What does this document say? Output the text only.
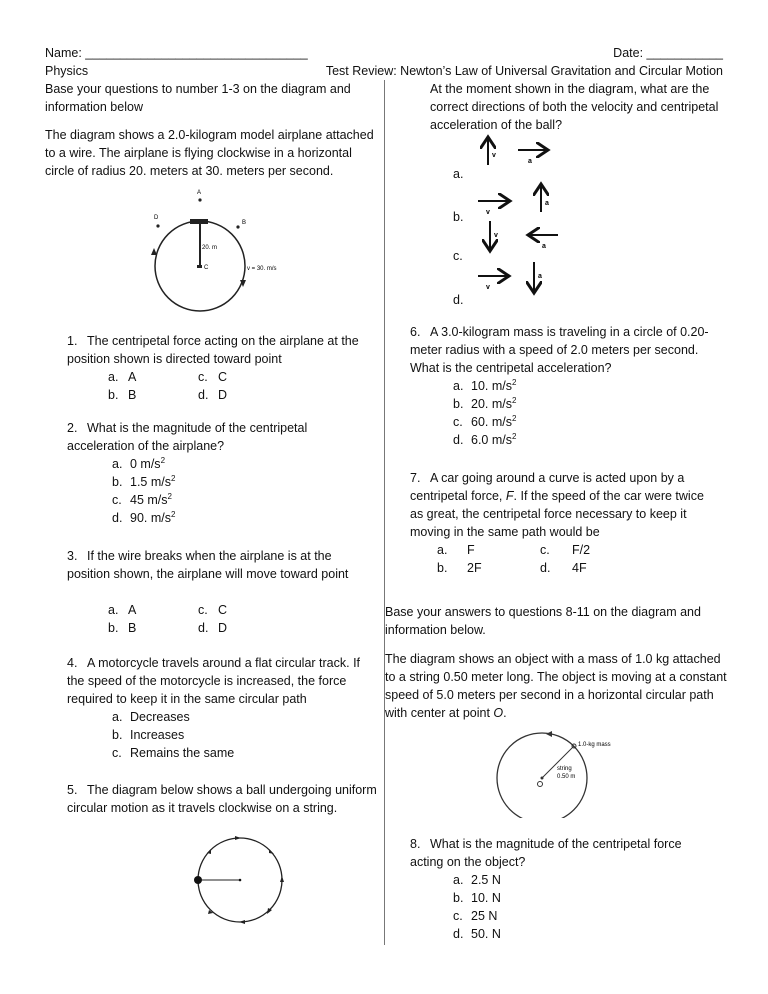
Name: ________________________________	Date: ___________
Physics	Test Review: Newton’s Law of Universal Gravitation and Circular Motion
Base your questions to number 1-3 on the diagram and information below
The diagram shows a 2.0-kilogram model airplane attached to a wire. The airplane is flying clockwise in a horizontal circle of radius 20. meters at 30. meters per second.
A
D
B
C
20. m
v = 30. m/s
1. The centripetal force acting on the airplane at the position shown is directed toward point
a. A	c. C
b. B	d. D
2. What is the magnitude of the centripetal acceleration of the airplane?
a. 0 $m/s^2$
b. 1.5 $m/s^2$
c. 45 $m/s^2$
d. 90. $m/s^2$
3. If the wire breaks when the airplane is at the position shown, the airplane will move toward point
a. A	c. C
b. B	d. D
4. A motorcycle travels around a flat circular track. If the speed of the motorcycle is increased, the force required to keep it in the same circular path
a. Decreases
b. Increases
c. Remains the same
5. The diagram below shows a ball undergoing uniform circular motion as it travels clockwise on a string.
At the moment shown in the diagram, what are the correct directions of both the velocity and centripetal acceleration of the ball?
a.
b.
c.
d.
v
a
v
a
v
a
v
a
6. A 3.0-kilogram mass is traveling in a circle of 0.20-meter radius with a speed of 2.0 meters per second. What is the centripetal acceleration?
a. 10. $m/s^2$
b. 20. $m/s^2$
c. 60. $m/s^2$
d. 6.0 $m/s^2$
7. A car going around a curve is acted upon by a centripetal force, F. If the speed of the car were twice as great, the centripetal force necessary to keep it moving in the same path would be
a. F	c. F/2
b. 2F	d. 4F
Base your answers to questions 8-11 on the diagram and information below.
The diagram shows an object with a mass of 1.0 kg attached to a string 0.50 meter long. The object is moving at a constant speed of 5.0 meters per second in a horizontal circular path with center at point O.
1.0-kg mass
string
0.50 m
8. What is the magnitude of the centripetal force acting on the object?
a. 2.5 N
b. 10. N
c. 25 N
d. 50. N
